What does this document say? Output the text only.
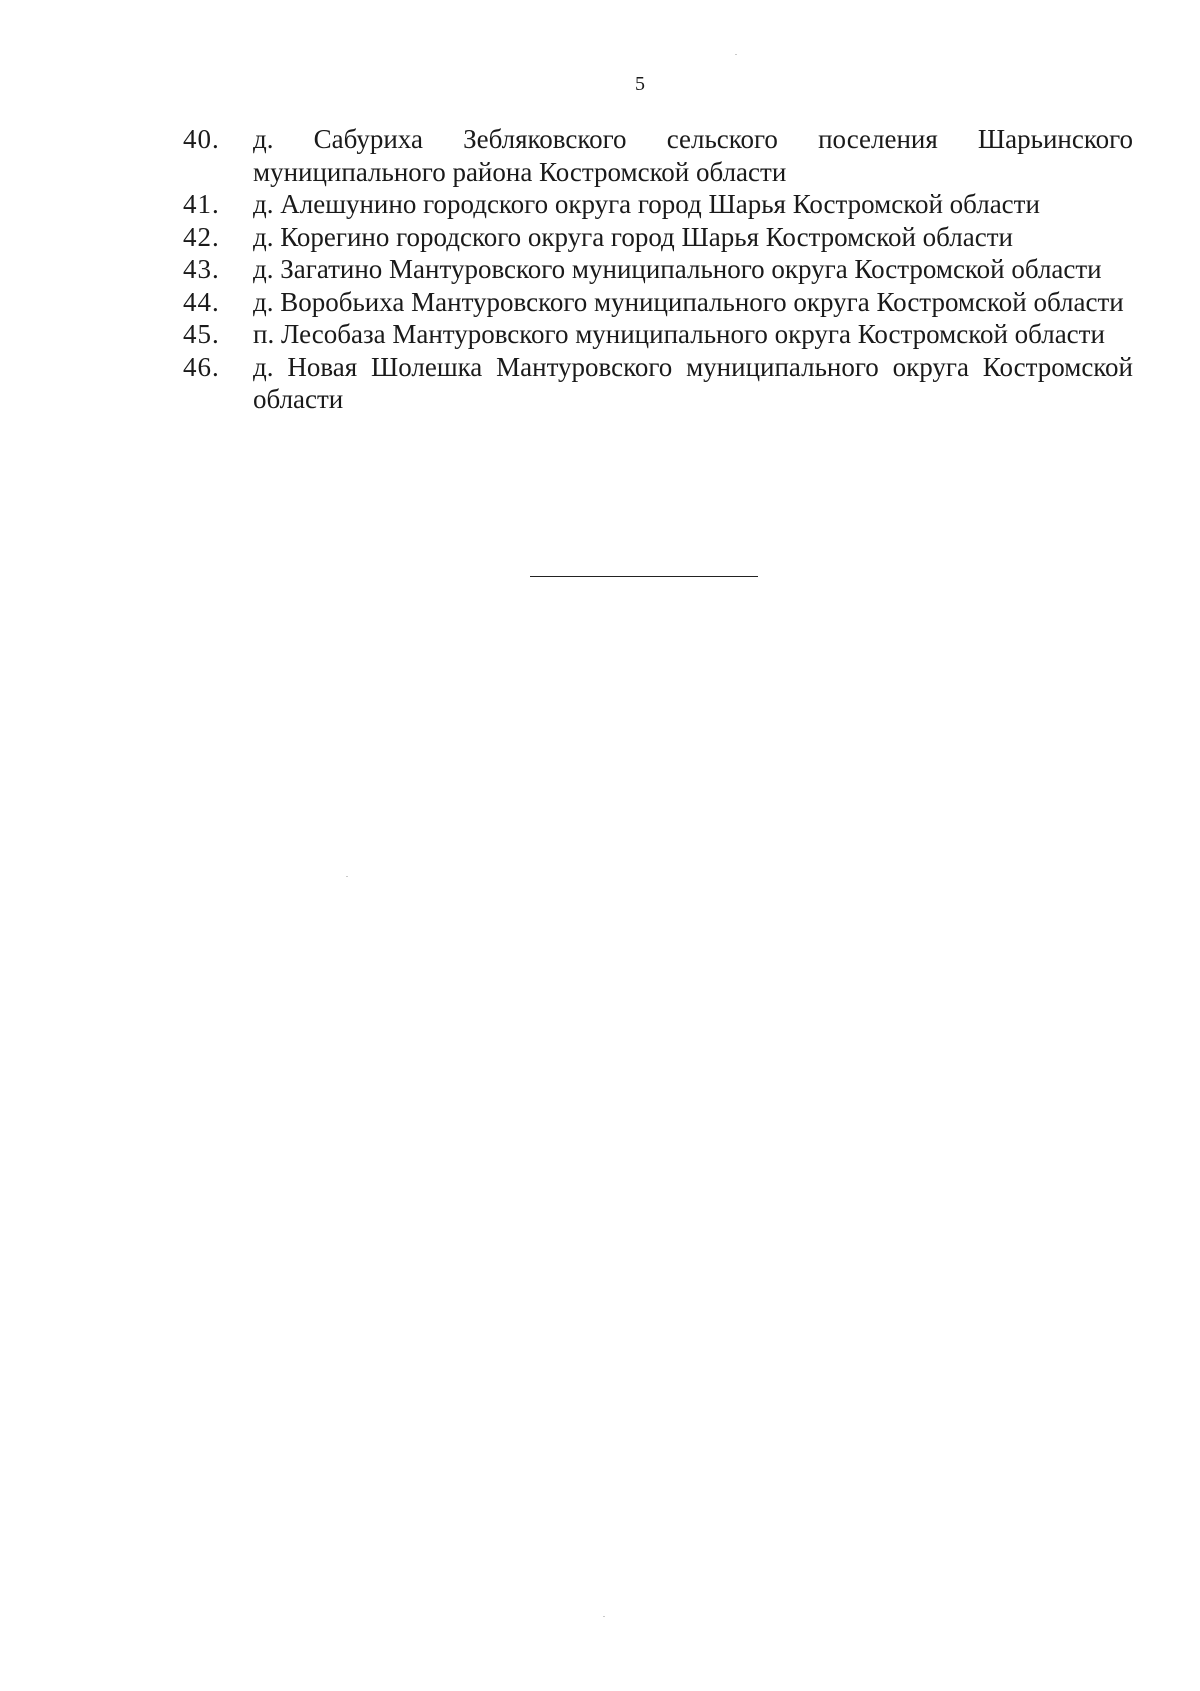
5
40.	д. Сабуриха Зебляковского сельского поселения Шарьинского муниципального района Костромской области
41.	д. Алешунино городского округа город Шарья Костромской области
42.	д. Корегино городского округа город Шарья Костромской области
43.	д. Загатино Мантуровского муниципального округа Костромской области
44.	д. Воробьиха Мантуровского муниципального округа Костромской области
45.	п. Лесобаза Мантуровского муниципального округа Костромской области
46.	д. Новая Шолешка Мантуровского муниципального округа Костромской области
